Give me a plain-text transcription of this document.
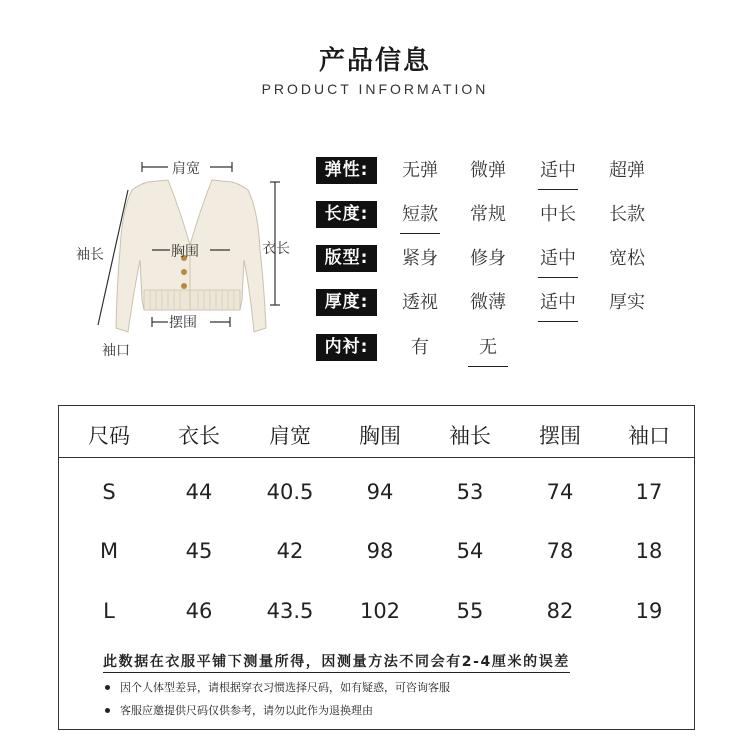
产品信息
PRODUCT INFORMATION
肩宽
袖长	胸围	衣长
摆围
袖口
弹性:	无弹	微弹	适中	超弹
长度:	短款	常规	中长	长款
版型:	紧身	修身	适中	宽松
厚度:	透视	微薄	适中	厚实
内衬:	有	无
尺码	衣长	肩宽	胸围	袖长	摆围	袖口
S	44	40.5	94	53	74	17
M	45	42	98	54	78	18
L	46	43.5	102	55	82	19
此数据在衣服平铺下测量所得，因测量方法不同会有2-4厘米的误差
因个人体型差异，请根据穿衣习惯选择尺码，如有疑惑，可咨询客服
客服应邀提供尺码仅供参考，请勿以此作为退换理由
